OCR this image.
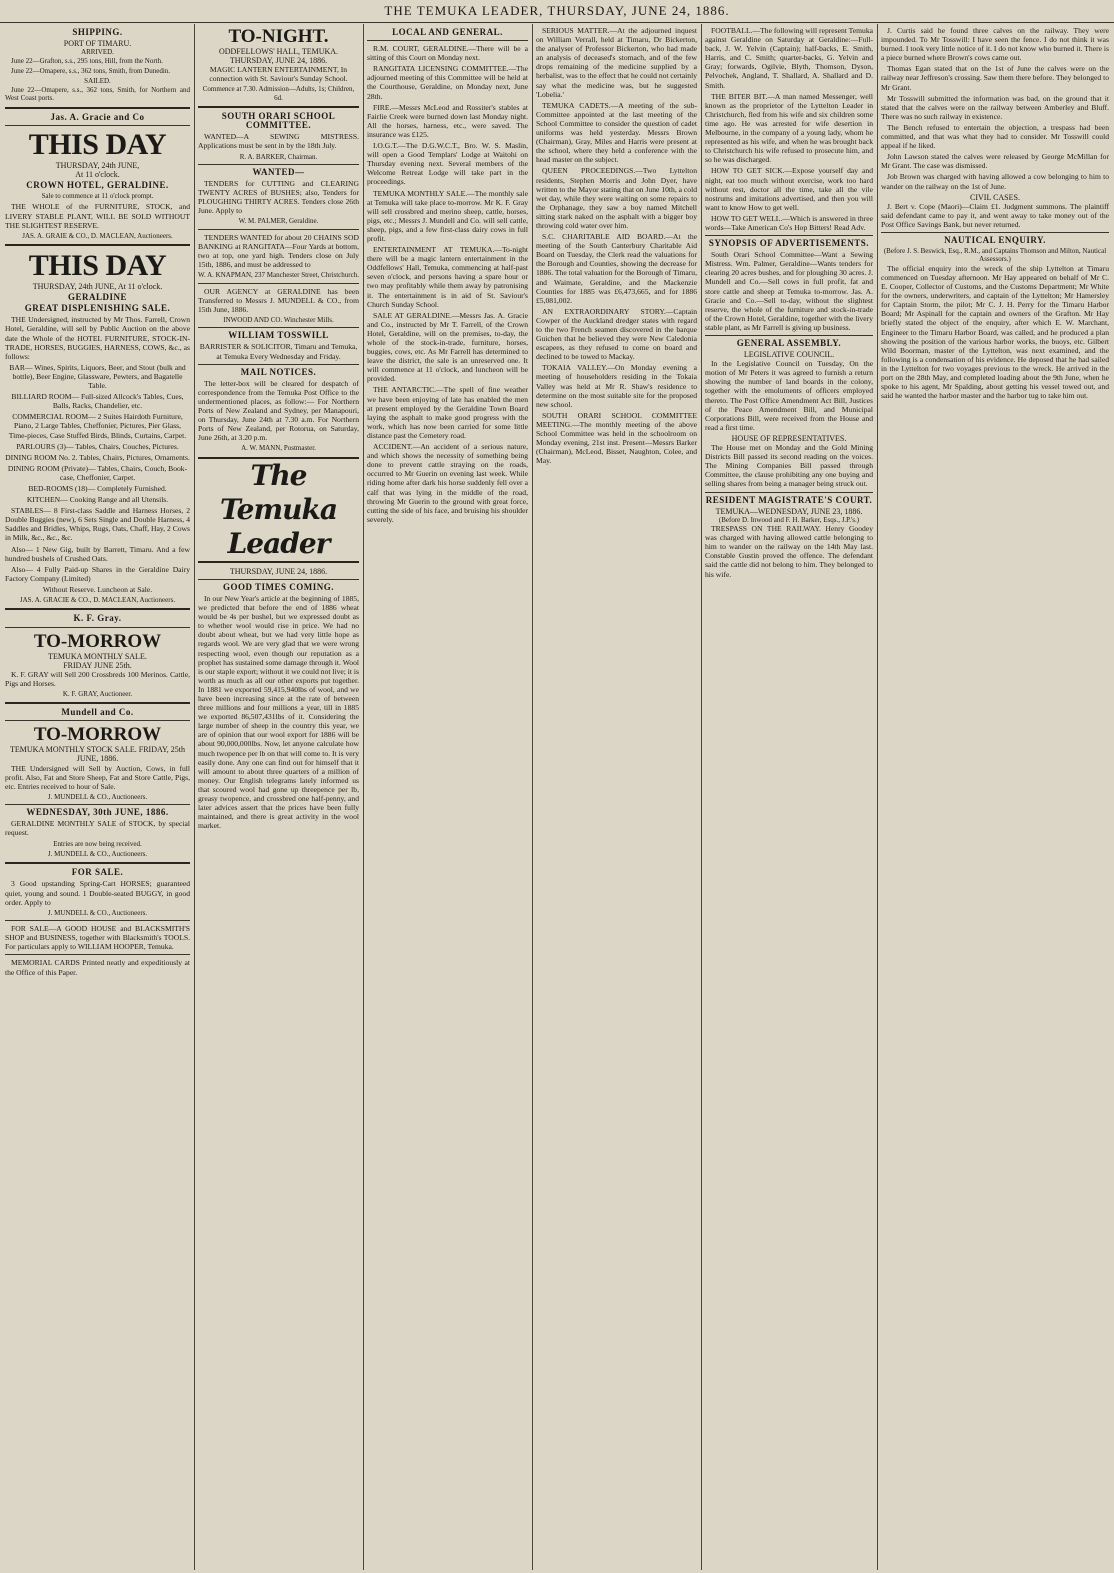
THE TEMUKA LEADER, THURSDAY, JUNE 24, 1886.
SHIPPING.
PORT OF TIMARU.
ARRIVED.

June 22—Grafton, s.s., 295 tons, Hill, from the North.

June 22—Omapere, s.s., 362 tons, Smith, from Dunedin.

SAILED.

June 22—Omapere, s.s., 362 tons, Smith, for Northern and West Coast ports.

Jas. A. Gracie and Co
THIS DAY
THURSDAY, 24th JUNE,
At 11 o'clock.
CROWN HOTEL, GERALDINE.

Sale to commence at 11 o'clock prompt.

THE WHOLE of the FURNITURE, STOCK, and LIVERY STABLE PLANT, WILL BE SOLD WITHOUT THE SLIGHTEST RESERVE.

JAS. A. GRAIE & CO., D. MACLEAN, Auctioneers.

THIS DAY
THURSDAY, 24th JUNE, At 11 o'clock.
GERALDINE
GREAT DISPLENISHING SALE.

THE Undersigned, instructed by Mr Thos. Farrell, Crown Hotel, Geraldine, will sell by Public Auction on the above date the Whole of the HOTEL FURNITURE, STOCK-IN-TRADE, HORSES, BUGGIES, HARNESS, COWS, &c., as follows:

BAR— Wines, Spirits, Liquors, Beer, and Stout (bulk and bottle), Beer Engine, Glassware, Pewters, and Bagatelle Table.

BILLIARD ROOM— Full-sized Allcock's Tables, Cues, Balls, Racks, Chandelier, etc.

COMMERCIAL ROOM— 2 Suites Hairdoth Furniture, Piano, 2 Large Tables, Cheffonier, Pictures, Pier Glass, Time-pieces, Case Stuffed Birds, Blinds, Curtains, Carpet.

PARLOURS (3)— Tables, Chairs, Couches, Pictures.

DINING ROOM No. 2. Tables, Chairs, Pictures, Ornaments.

DINING ROOM (Private)— Tables, Chairs, Couch, Book-case, Cheffonier, Carpet.

BED-ROOMS (18)— Completely Furnished.

KITCHEN— Cooking Range and all Utensils.

STABLES— 8 First-class Saddle and Harness Horses, 2 Double Buggies (new), 6 Sets Single and Double Harness, 4 Saddles and Bridles, Whips, Rugs, Oats, Chaff, Hay, 2 Cows in Milk, &c., &c., &c.

Also— 1 New Gig, built by Barrett, Timaru. And a few hundred bushels of Crushed Oats.

Also— 4 Fully Paid-up Shares in the Geraldine Dairy Factory Company (Limited)

Without Reserve. Luncheon at Sale.

JAS. A. GRACIE & CO., D. MACLEAN, Auctioneers.

K. F. Gray.
TO-MORROW
TEMUKA MONTHLY SALE.
FRIDAY JUNE 25th.

K. F. GRAY will Sell 200 Crossbreds 100 Merinos. Cattle, Pigs and Horses.

K. F. GRAY, Auctioneer.

Mundell and Co.
TO-MORROW
TEMUKA MONTHLY STOCK SALE. FRIDAY, 25th JUNE, 1886.

THE Undersigned will Sell by Auction, Cows, in full profit. Also, Fat and Store Sheep, Fat and Store Cattle, Pigs, etc. Entries received to hour of Sale.

J. MUNDELL & CO., Auctioneers.

WEDNESDAY, 30th JUNE, 1886.

GERALDINE MONTHLY SALE of STOCK, by special request.

Entries are now being received.

J. MUNDELL & CO., Auctioneers.

FOR SALE.

3 Good upstanding Spring-Cart HORSES; guaranteed quiet, young and sound. 1 Double-seated BUGGY, in good order. Apply to

J. MUNDELL & CO., Auctioneers.

FOR SALE—A GOOD HOUSE and BLACKSMITH'S SHOP and BUSINESS, together with Blacksmith's TOOLS. For particulars apply to WILLIAM HOOPER, Temuka.

MEMORIAL CARDS Printed neatly and expeditiously at the Office of this Paper.

TO-NIGHT.
ODDFELLOWS' HALL, TEMUKA.
THURSDAY, JUNE 24, 1886.

MAGIC LANTERN ENTERTAINMENT, In connection with St. Saviour's Sunday School.

Commence at 7.30. Admission—Adults, 1s; Children, 6d.

SOUTH ORARI SCHOOL COMMITTEE.

WANTED—A SEWING MISTRESS. Applications must be sent in by the 18th July.

R. A. BARKER, Chairman.

WANTED—

TENDERS for CUTTING and CLEARING TWENTY ACRES of BUSHES; also, Tenders for PLOUGHING THIRTY ACRES. Tenders close 26th June. Apply to

W. M. PALMER, Geraldine.

TENDERS WANTED for about 20 CHAINS SOD BANKING at RANGITATA—Four Yards at bottom, two at top, one yard high. Tenders close on July 15th, 1886, and must be addressed to

W. A. KNAPMAN, 237 Manchester Street, Christchurch.

OUR AGENCY at GERALDINE has been Transferred to Messrs J. MUNDELL & CO., from 15th June, 1886.

INWOOD AND CO. Winchester Mills.

WILLIAM TOSSWILL

BARRISTER & SOLICITOR, Timaru and Temuka, at Temuka Every Wednesday and Friday.

MAIL NOTICES.

The letter-box will be cleared for despatch of correspondence from the Temuka Post Office to the undermentioned places, as follow:— For Northern Ports of New Zealand and Sydney, per Manapouri, on Thursday, June 24th at 7.30 a.m. For Northern Ports of New Zealand, per Rotorua, on Saturday, June 26th, at 3.20 p.m.

A. W. MANN, Postmaster.

The Temuka Leader
THURSDAY, JUNE 24, 1886.
GOOD TIMES COMING.

In our New Year's article at the beginning of 1885, we predicted that before the end of 1886 wheat would be 4s per bushel, but we expressed doubt as to whether wool would rise in price. We had no doubt about wheat, but we had very little hope as regards wool. We are very glad that we were wrong respecting wool, even though our reputation as a prophet has sustained some damage through it. Wool is our staple export; without it we could not live; it is worth as much as all our other exports put together. In 1881 we exported 59,415,940lbs of wool, and we have been increasing since at the rate of between three millions and four millions a year, till in 1885 we exported 86,507,431lbs of it. Considering the large number of sheep in the country this year, we are of opinion that our wool export for 1886 will be about 90,000,000lbs. Now, let anyone calculate how much twopence per lb on that will come to. It is very easily done. Any one can find out for himself that it will amount to about three quarters of a million of money. Our English telegrams lately informed us that scoured wool had gone up threepence per lb, greasy twopence, and crossbred one half-penny, and later advices assert that the prices have been fully maintained, and there is great activity in the wool market.

LOCAL AND GENERAL.

R.M. COURT, GERALDINE.—There will be a sitting of this Court on Monday next.

RANGITATA LICENSING COMMITTEE.—The adjourned meeting of this Committee will be held at the Courthouse, Geraldine, on Monday next, June 28th.

FIRE.—Messrs McLeod and Rossiter's stables at Fairlie Creek were burned down last Monday night. All the horses, harness, etc., were saved. The insurance was £125.

I.O.G.T.—The D.G.W.C.T., Bro. W. S. Maslin, will open a Good Templars' Lodge at Waitohi on Thursday evening next. Several members of the Welcome Retreat Lodge will take part in the proceedings.

TEMUKA MONTHLY SALE.—The monthly sale at Temuka will take place to-morrow. Mr K. F. Gray will sell crossbred and merino sheep, cattle, horses, pigs, etc.; Messrs J. Mundell and Co. will sell cattle, sheep, pigs, and a few first-class dairy cows in full profit.

ENTERTAINMENT AT TEMUKA.—To-night there will be a magic lantern entertainment in the Oddfellows' Hall, Temuka, commencing at half-past seven o'clock, and persons having a spare hour or two may profitably while them away by patronising it. The entertainment is in aid of St. Saviour's Church Sunday School.

SALE AT GERALDINE.—Messrs Jas. A. Gracie and Co., instructed by Mr T. Farrell, of the Crown Hotel, Geraldine, will on the premises, to-day, the whole of the stock-in-trade, furniture, horses, buggies, cows, etc. As Mr Farrell has determined to leave the district, the sale is an unreserved one. It will commence at 11 o'clock, and luncheon will be provided.

THE ANTARCTIC.—The spell of fine weather we have been enjoying of late has enabled the men at present employed by the Geraldine Town Board laying the asphalt to make good progress with the work, which has now been carried for some little distance past the Cemetery road.

ACCIDENT.—An accident of a serious nature, and which shows the necessity of something being done to prevent cattle straying on the roads, occurred to Mr Guerin on evening last week. While riding home after dark his horse suddenly fell over a calf that was lying in the middle of the road, throwing Mr Guerin to the ground with great force, cutting the side of his face, and bruising his shoulder severely.

SERIOUS MATTER.—At the adjourned inquest on William Verrall, held at Timaru, Dr Bickerton, the analyser of Professor Bickerton, who had made an analysis of deceased's stomach, and of the few drops remaining of the medicine supplied by a herbalist, was to the effect that he could not certainly say what the medicine was, but he suggested 'Lobelia.'

TEMUKA CADETS.—A meeting of the sub-Committee appointed at the last meeting of the School Committee to consider the question of cadet uniforms was held yesterday. Messrs Brown (Chairman), Gray, Miles and Harris were present at the school, where they held a conference with the head master on the subject.

QUEEN PROCEEDINGS.—Two Lyttelton residents, Stephen Morris and John Dyer, have written to the Mayor stating that on June 10th, a cold wet day, while they were waiting on some repairs to the Orphanage, they saw a boy named Mitchell sitting stark naked on the asphalt with a bigger boy throwing cold water over him.

S.C. CHARITABLE AID BOARD.—At the meeting of the South Canterbury Charitable Aid Board on Tuesday, the Clerk read the valuations for the Borough and Counties, showing the decrease for 1886. The total valuation for the Borough of Timaru, and Waimate, Geraldine, and the Mackenzie Counties for 1885 was £6,473,665, and for 1886 £5,081,002.

AN EXTRAORDINARY STORY.—Captain Cowper of the Auckland dredger states with regard to the two French seamen discovered in the barque Guichen that he believed they were New Caledonia escapees, as they refused to come on board and declined to be towed to Mackay.

TOKAIA VALLEY.—On Monday evening a meeting of householders residing in the Tokaia Valley was held at Mr R. Shaw's residence to determine on the most suitable site for the proposed new school.

SOUTH ORARI SCHOOL COMMITTEE MEETING.—The monthly meeting of the above School Committee was held in the schoolroom on Monday evening, 21st inst. Present—Messrs Barker (Chairman), McLeod, Bisset, Naughton, Colee, and May.

FOOTBALL.—The following will represent Temuka against Geraldine on Saturday at Geraldine:—Full-back, J. W. Yelvin (Captain); half-backs, E. Smith, Harris, and C. Smith; quarter-backs, G. Yelvin and Gray; forwards, Ogilvie, Blyth, Thomson, Dyson, Pelvochek, Angland, T. Shallard, A. Shallard and D. Smith.

THE BITER BIT.—A man named Messenger, well known as the proprietor of the Lyttelton Leader in Christchurch, fled from his wife and six children some time ago. He was arrested for wife desertion in Melbourne, in the company of a young lady, whom he represented as his wife, and when he was brought back to Christchurch his wife refused to prosecute him, and so he was discharged.

HOW TO GET SICK.—Expose yourself day and night, eat too much without exercise, work too hard without rest, doctor all the time, take all the vile nostrums and imitations advertised, and then you will want to know How to get well.

HOW TO GET WELL.—Which is answered in three words—Take American Co's Hop Bitters! Read Adv.

SYNOPSIS OF ADVERTISEMENTS.

South Orari School Committee—Want a Sewing Mistress. Wm. Palmer, Geraldine—Wants tenders for clearing 20 acres bushes, and for ploughing 30 acres. J. Mundell and Co.—Sell cows in full profit, fat and store cattle and sheep at Temuka to-morrow. Jas. A. Gracie and Co.—Sell to-day, without the slightest reserve, the whole of the furniture and stock-in-trade of the Crown Hotel, Geraldine, together with the livery stable plant, as Mr Farrell is giving up business.

GENERAL ASSEMBLY.
LEGISLATIVE COUNCIL.

In the Legislative Council on Tuesday, On the motion of Mr Peters it was agreed to furnish a return showing the number of land boards in the colony, together with the emoluments of officers employed thereto. The Post Office Amendment Act Bill, Justices of the Peace Amendment Bill, and Municipal Corporations Bill, were received from the House and read a first time.

HOUSE OF REPRESENTATIVES.

The House met on Monday and the Gold Mining Districts Bill passed its second reading on the voices. The Mining Companies Bill passed through Committee, the clause prohibiting any one buying and selling shares from being a manager being struck out.

RESIDENT MAGISTRATE'S COURT.
TEMUKA—WEDNESDAY, JUNE 23, 1886.
(Before D. Inwood and F. H. Barker, Esqs., J.P.'s.)

TRESPASS ON THE RAILWAY. Henry Goodey was charged with having allowed cattle belonging to him to wander on the railway on the 14th May last. Constable Gustin proved the offence. The defendant said the cattle did not belong to him. They belonged to his wife.

J. Curtis said he found three calves on the railway. They were impounded. To Mr Tosswill: I have seen the fence. I do not think it was burned. I took very little notice of it. I do not know who burned it. There is a piece burned where Brown's cows came out.

Thomas Egan stated that on the 1st of June the calves were on the railway near Jeffreson's crossing. Saw them there before. They belonged to Mr Grant.

Mr Tosswill submitted the information was bad, on the ground that it stated that the calves were on the railway between Amberley and Bluff. There was no such railway in existence.

The Bench refused to entertain the objection, a trespass had been committed, and that was what they had to consider. Mr Tosswill could appeal if he liked.

John Lawson stated the calves were released by George McMillan for Mr Grant. The case was dismissed.

Job Brown was charged with having allowed a cow belonging to him to wander on the railway on the 1st of June.

CIVIL CASES.

J. Bert v. Cope (Maori)—Claim £1. Judgment summons. The plaintiff said defendant came to pay it, and went away to take money out of the Post Office Savings Bank, but never returned.

NAUTICAL ENQUIRY.
(Before J. S. Beswick, Esq., R.M., and Captains Thomson and Milton, Nautical Assessors.)

The official enquiry into the wreck of the ship Lyttelton at Timaru commenced on Tuesday afternoon. Mr Hay appeared on behalf of Mr C. E. Cooper, Collector of Customs, and the Customs Department; Mr White for the owners, underwriters, and captain of the Lyttelton; Mr Hamersley for Captain Storm, the pilot; Mr C. J. H. Perry for the Timaru Harbor Board; Mr Aspinall for the captain and owners of the Grafton. Mr Hay briefly stated the object of the enquiry, after which E. W. Marchant, Engineer to the Timaru Harbor Board, was called, and he produced a plan showing the position of the various harbor works, the buoys, etc. Gilbert Wild Boorman, master of the Lyttelton, was next examined, and the following is a condensation of his evidence. He deposed that he had sailed in the Lyttelton for two voyages previous to the wreck. He arrived in the port on the 28th May, and completed loading about the 9th June, when he spoke to his agent, Mr Spalding, about getting his vessel towed out, and said he wanted the harbor master and the harbor tug to take him out.
